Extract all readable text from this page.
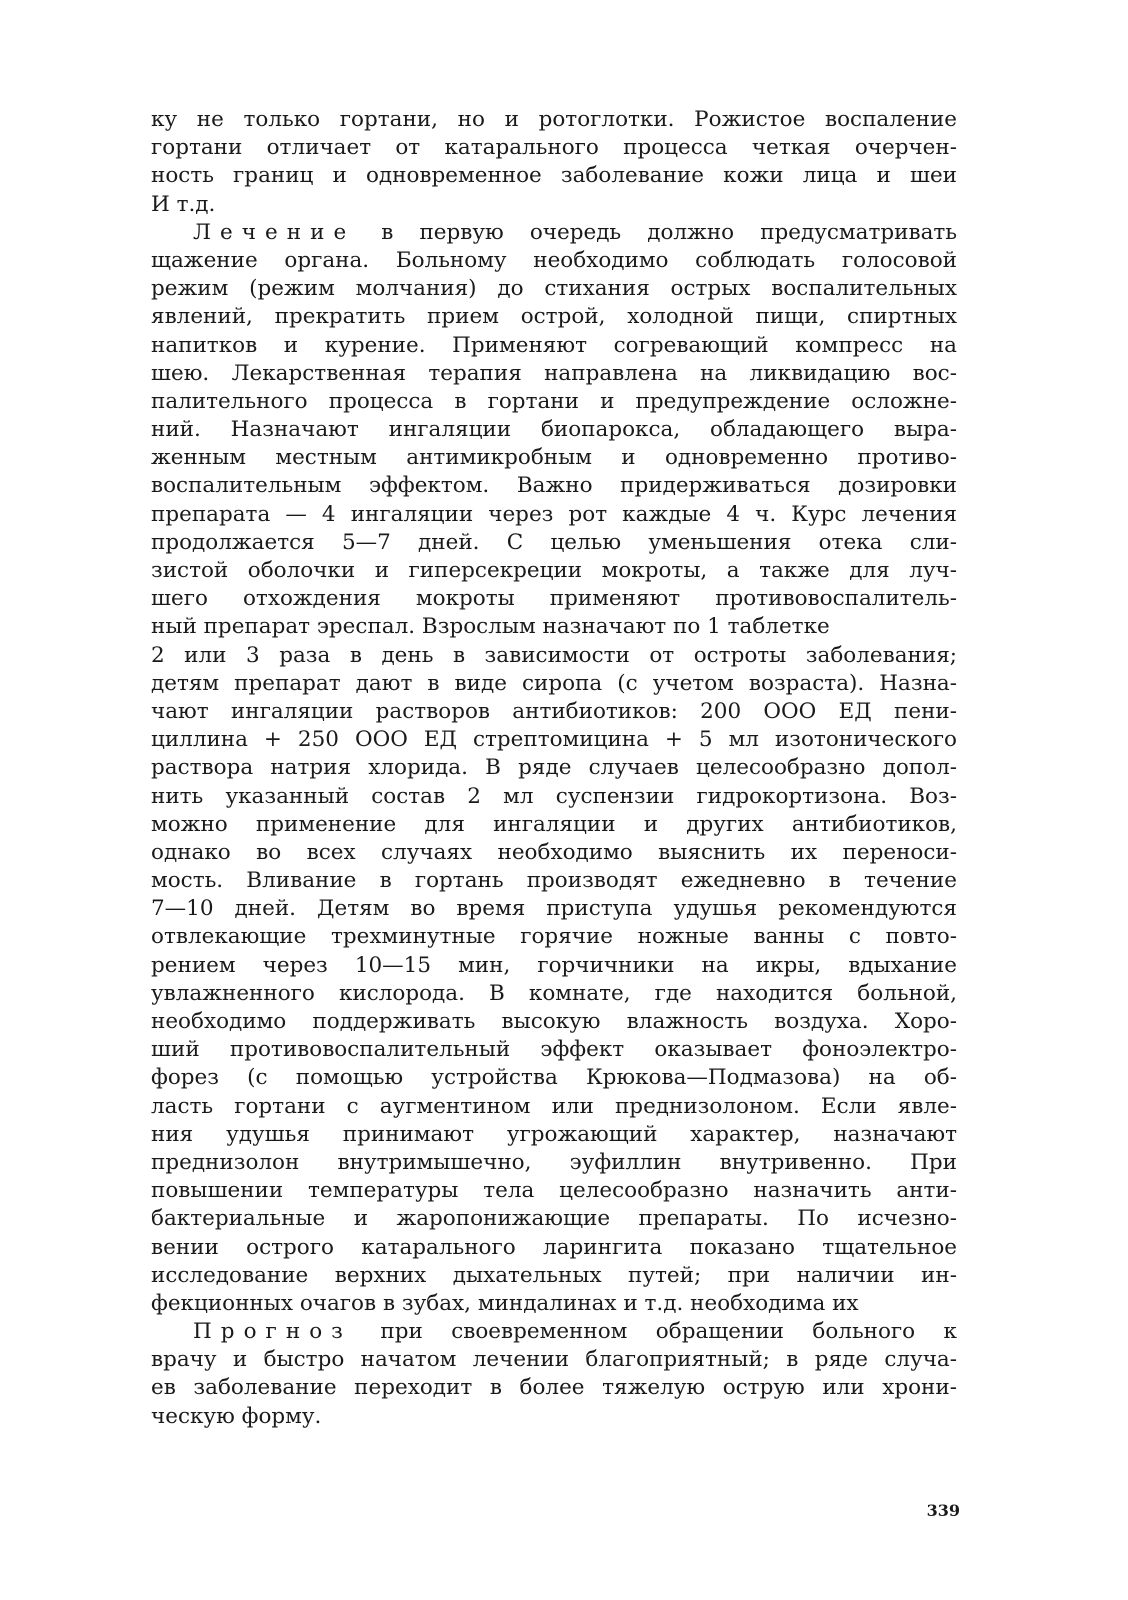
ку не только гортани, но и ротоглотки. Рожистое воспаление
гортани отличает от катарального процесса четкая очерчен-
ность границ и одновременное заболевание кожи лица и шеи
И т.д.
Лечение в первую очередь должно предусматривать
щажение органа. Больному необходимо соблюдать голосовой
режим (режим молчания) до стихания острых воспалительных
явлений, прекратить прием острой, холодной пищи, спиртных
напитков и курение. Применяют согревающий компресс на
шею. Лекарственная терапия направлена на ликвидацию вос-
палительного процесса в гортани и предупреждение осложне-
ний. Назначают ингаляции биопарокса, обладающего выра-
женным местным антимикробным и одновременно противо-
воспалительным эффектом. Важно придерживаться дозировки
препарата — 4 ингаляции через рот каждые 4 ч. Курс лечения
продолжается 5—7 дней. С целью уменьшения отека сли-
зистой оболочки и гиперсекреции мокроты, а также для луч-
шего отхождения мокроты применяют противовоспалитель-
ный препарат эреспал. Взрослым назначают по 1 таблетке
2 или 3 раза в день в зависимости от остроты заболевания;
детям препарат дают в виде сиропа (с учетом возраста). Назна-
чают ингаляции растворов антибиотиков: 200 ООО ЕД пени-
циллина + 250 ООО ЕД стрептомицина + 5 мл изотонического
раствора натрия хлорида. В ряде случаев целесообразно допол-
нить указанный состав 2 мл суспензии гидрокортизона. Воз-
можно применение для ингаляции и других антибиотиков,
однако во всех случаях необходимо выяснить их переноси-
мость. Вливание в гортань производят ежедневно в течение
7—10 дней. Детям во время приступа удушья рекомендуются
отвлекающие трехминутные горячие ножные ванны с повто-
рением через 10—15 мин, горчичники на икры, вдыхание
увлажненного кислорода. В комнате, где находится больной,
необходимо поддерживать высокую влажность воздуха. Хоро-
ший противовоспалительный эффект оказывает фоноэлектро-
форез (с помощью устройства Крюкова—Подмазова) на об-
ласть гортани с аугментином или преднизолоном. Если явле-
ния удушья принимают угрожающий характер, назначают
преднизолон внутримышечно, эуфиллин внутривенно. При
повышении температуры тела целесообразно назначить анти-
бактериальные и жаропонижающие препараты. По исчезно-
вении острого катарального ларингита показано тщательное
исследование верхних дыхательных путей; при наличии ин-
фекционных очагов в зубах, миндалинах и т.д. необходима их
Прогноз при своевременном обращении больного к
врачу и быстро начатом лечении благоприятный; в ряде случа-
ев заболевание переходит в более тяжелую острую или хрони-
ческую форму.
339
